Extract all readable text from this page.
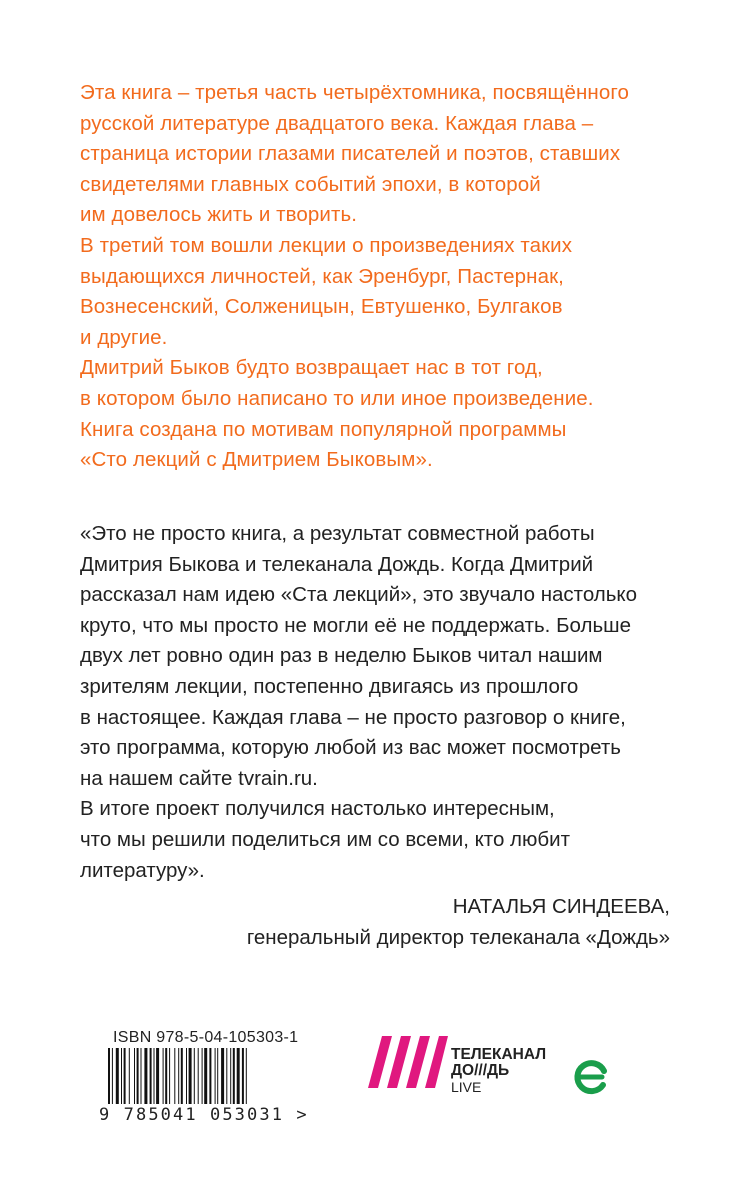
Эта книга – третья часть четырёхтомника, посвящённого
русской литературе двадцатого века. Каждая глава –
страница истории глазами писателей и поэтов, ставших
свидетелями главных событий эпохи, в которой
им довелось жить и творить.
В третий том вошли лекции о произведениях таких
выдающихся личностей, как Эренбург, Пастернак,
Вознесенский, Солженицын, Евтушенко, Булгаков
и другие.
Дмитрий Быков будто возвращает нас в тот год,
в котором было написано то или иное произведение.
Книга создана по мотивам популярной программы
«Сто лекций с Дмитрием Быковым».
«Это не просто книга, а результат совместной работы
Дмитрия Быкова и телеканала Дождь. Когда Дмитрий
рассказал нам идею «Ста лекций», это звучало настолько
круто, что мы просто не могли её не поддержать. Больше
двух лет ровно один раз в неделю Быков читал нашим
зрителям лекции, постепенно двигаясь из прошлого
в настоящее. Каждая глава – не просто разговор о книге,
это программа, которую любой из вас может посмотреть
на нашем сайте tvrain.ru.
В итоге проект получился настолько интересным,
что мы решили поделиться им со всеми, кто любит
литературу».
НАТАЛЬЯ СИНДЕЕВА,
генеральный директор телеканала «Дождь»
ISBN 978-5-04-105303-1
9 785041 053031 >
ТЕЛЕКАНАЛ
ДО///ДЬ
LIVE
